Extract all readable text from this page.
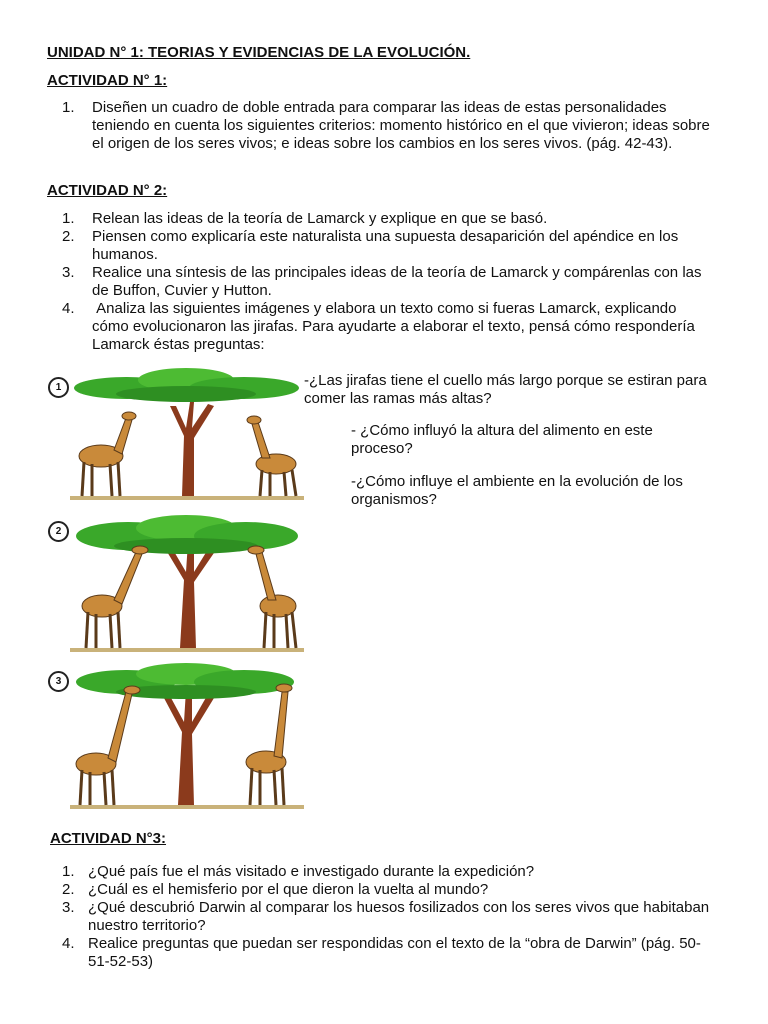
UNIDAD N° 1: TEORIAS Y EVIDENCIAS DE LA EVOLUCIÓN.
ACTIVIDAD N° 1:
1.	Diseñen un cuadro de doble entrada para comparar las ideas de estas personalidades teniendo en cuenta los siguientes criterios: momento histórico en el que vivieron; ideas sobre el origen de los seres vivos; e ideas sobre los cambios en los seres vivos. (pág. 42-43).
ACTIVIDAD N° 2:
1.	Relean las ideas de la teoría de Lamarck y explique en que se basó.
2.	Piensen como explicaría este naturalista una supuesta desaparición del apéndice en los humanos.
3.	Realice una síntesis de las principales ideas de la teoría de Lamarck y compárenlas con las de Buffon, Cuvier y Hutton.
4.	Analiza las siguientes imágenes y elabora un texto como si fueras Lamarck, explicando cómo evolucionaron las jirafas. Para ayudarte a elaborar el texto, pensá cómo respondería Lamarck éstas preguntas:
-¿Las jirafas tiene el cuello más largo porque se estiran para comer las ramas más altas?
- ¿Cómo influyó la altura del alimento en este proceso?
-¿Cómo influye el ambiente en la evolución de los organismos?
1
2
3
ACTIVIDAD N°3:
1. ¿Qué país fue el más visitado e investigado durante la expedición?
2. ¿Cuál es el hemisferio por el que dieron la vuelta al mundo?
3. ¿Qué descubrió Darwin al comparar los huesos fosilizados con los seres vivos que habitaban nuestro territorio?
4. Realice preguntas que puedan ser respondidas con el texto de la “obra de Darwin” (pág. 50-51-52-53)
